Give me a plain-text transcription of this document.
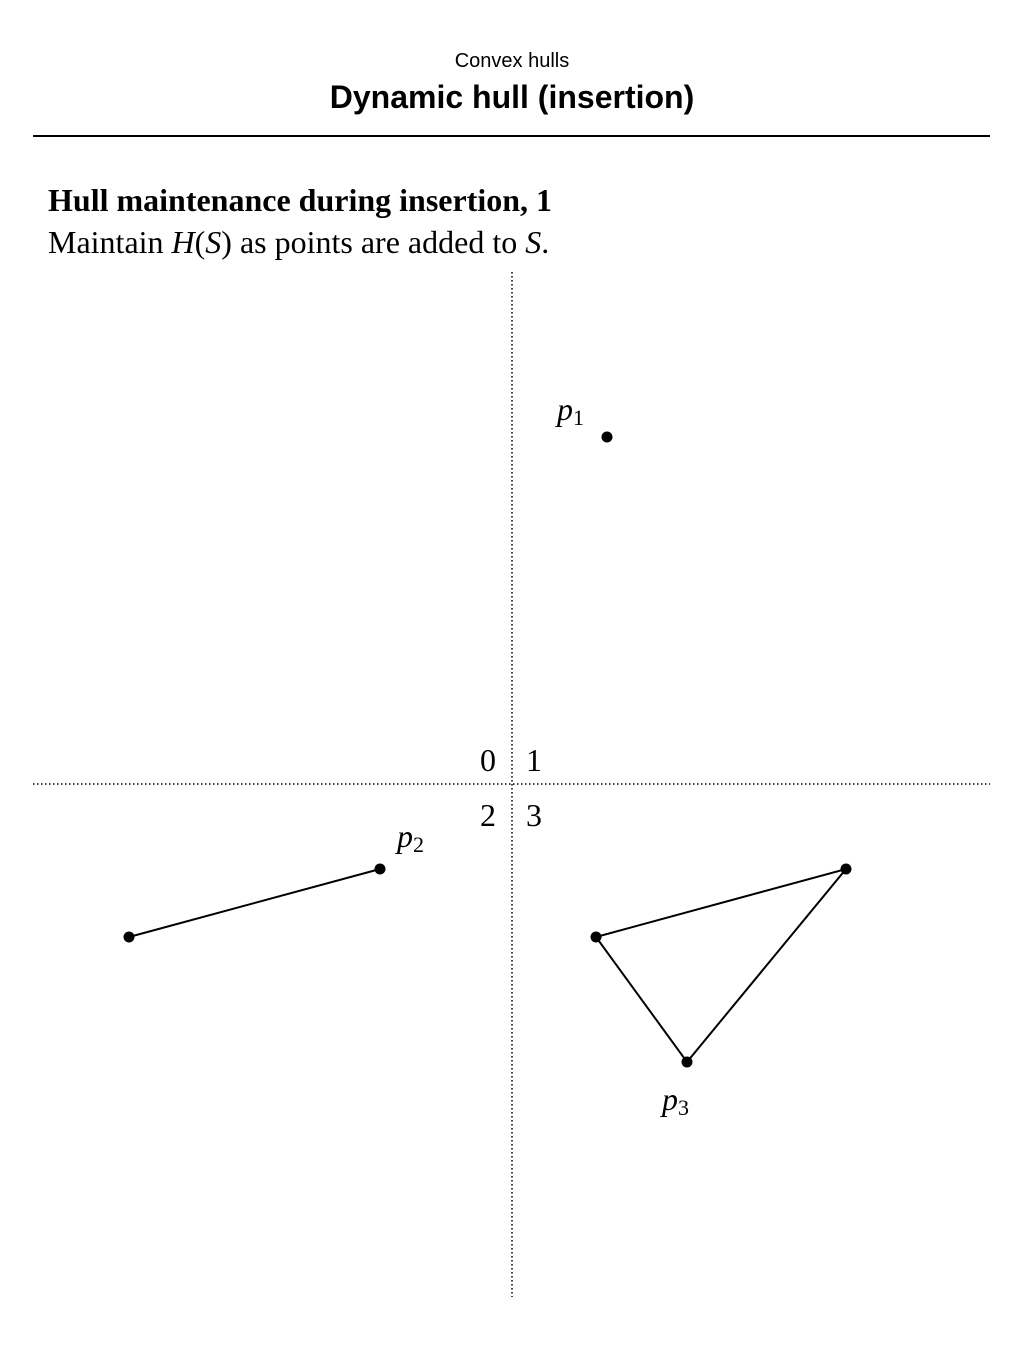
Convex hulls
Dynamic hull (insertion)
Hull maintenance during insertion, 1
Maintain H(S) as points are added to S.
0 1
2 3
p1
p2
p3
